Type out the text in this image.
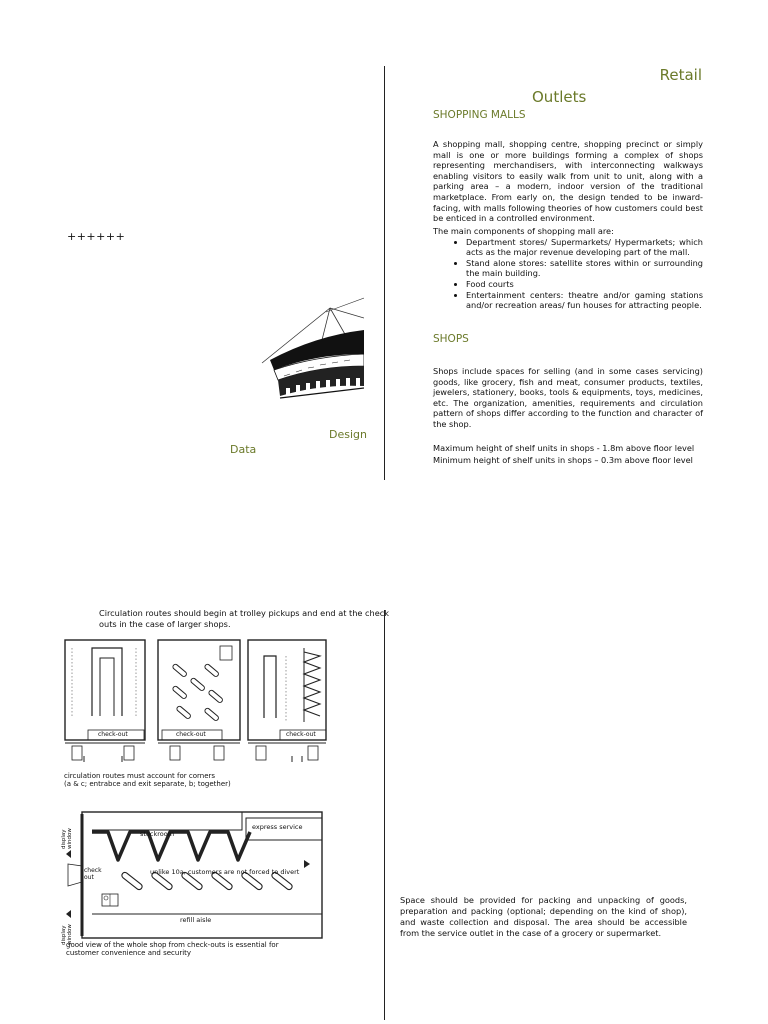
Retail
Outlets
SHOPPING MALLS
A shopping mall, shopping centre, shopping precinct or simply mall is one or more buildings forming a complex of shops representing merchandisers, with interconnecting walkways enabling visitors to easily walk from unit to unit, along with a parking area – a modern, indoor version of the traditional marketplace. From early on, the design tended to be inward-facing, with malls following theories of how customers could best be enticed in a controlled environment.
The main components of shopping mall are:
• Department stores/ Supermarkets/ Hypermarkets; which acts as the major revenue developing part of the mall.
• Stand alone stores: satellite stores within or surrounding the main building.
• Food courts
• Entertainment centers: theatre and/or gaming stations and/or recreation areas/ fun houses for attracting people.
SHOPS
Shops include spaces for selling (and in some cases servicing) goods, like grocery, fish and meat, consumer products, textiles, jewelers, stationery, books, tools & equipments, toys, medicines, etc. The organization, amenities, requirements and circulation pattern of shops differ according to the function and character of the shop.
Maximum height of shelf units in shops - 1.8m above floor level
Minimum height of shelf units in shops – 0.3m above floor level
++++++
Design
Data
Circulation routes should begin at trolley pickups and end at the check outs in the case of larger shops.
check-out	check-out	check-out
circulation routes must account for corners
(a & c; entrabce and exit separate, b; together)
display window
display window
stockroom
express service
check out
unlike 10a, customers are not forced to divert
refill aisle
good view of the whole shop from check-outs is essential for
customer convenience and security
Space should be provided for packing and unpacking of goods, preparation and packing (optional; depending on the kind of shop), and waste collection and disposal. The area should be accessible from the service outlet in the case of a grocery or supermarket.
